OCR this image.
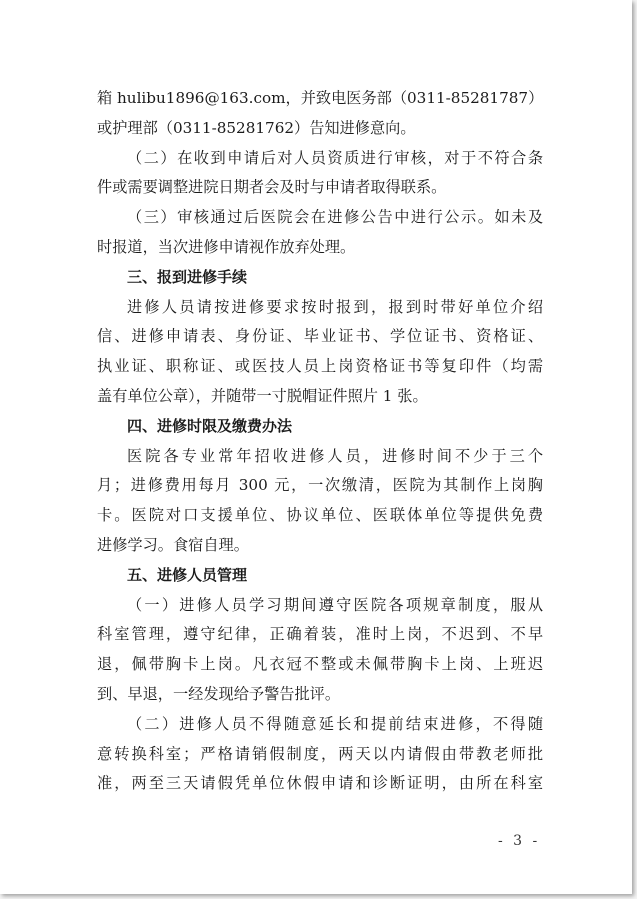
箱 hulibu1896@163.com，并致电医务部（0311-85281787）
或护理部（0311-85281762）告知进修意向。
（二）在收到申请后对人员资质进行审核，对于不符合条
件或需要调整进院日期者会及时与申请者取得联系。
（三）审核通过后医院会在进修公告中进行公示。如未及
时报道，当次进修申请视作放弃处理。
三、报到进修手续
进修人员请按进修要求按时报到，报到时带好单位介绍
信、进修申请表、身份证、毕业证书、学位证书、资格证、
执业证、职称证、或医技人员上岗资格证书等复印件（均需
盖有单位公章），并随带一寸脱帽证件照片 1 张。
四、进修时限及缴费办法
医院各专业常年招收进修人员，进修时间不少于三个
月；进修费用每月 300 元，一次缴清，医院为其制作上岗胸
卡。医院对口支援单位、协议单位、医联体单位等提供免费
进修学习。食宿自理。
五、进修人员管理
（一）进修人员学习期间遵守医院各项规章制度，服从
科室管理，遵守纪律，正确着装，准时上岗，不迟到、不早
退，佩带胸卡上岗。凡衣冠不整或未佩带胸卡上岗、上班迟
到、早退，一经发现给予警告批评。
（二）进修人员不得随意延长和提前结束进修，不得随
意转换科室；严格请销假制度，两天以内请假由带教老师批
准，两至三天请假凭单位休假申请和诊断证明，由所在科室
- 3 -
